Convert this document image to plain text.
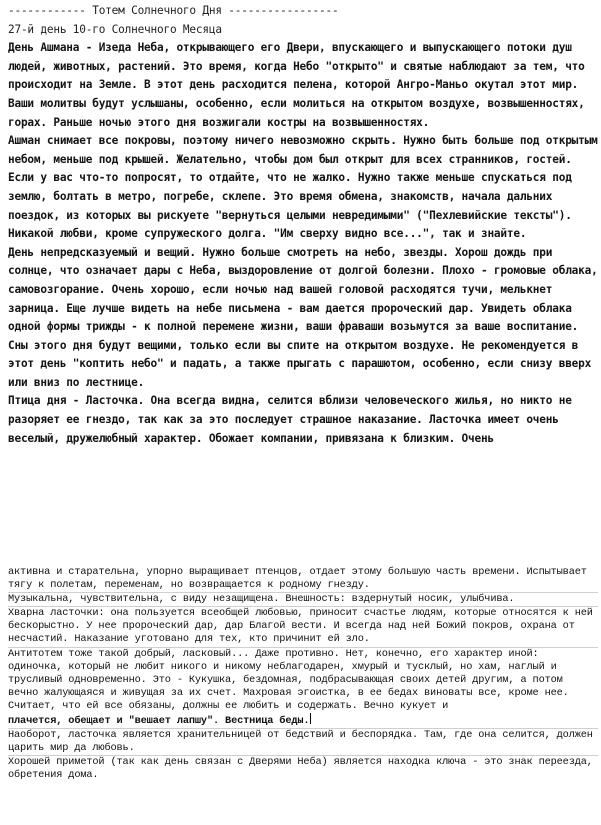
------------ Тотем Солнечного Дня -----------------

27-й день 10-го Солнечного Месяца

День Ашмана - Изеда Неба, открывающего его Двери, впускающего и выпускающего потоки душ людей, животных, растений. Это время, когда Небо "открыто" и святые наблюдают за тем, что происходит на Земле. В этот день расходится пелена, которой Ангро-Маньо окутал этот мир. Ваши молитвы будут услышаны, особенно, если молиться на открытом воздухе, возвышенностях, горах. Раньше ночью этого дня возжигали костры на возвышенностях.

Ашман снимает все покровы, поэтому ничего невозможно скрыть. Нужно быть больше под открытым небом, меньше под крышей. Желательно, чтобы дом был открыт для всех странников, гостей. Если у вас что-то попросят, то отдайте, что не жалко. Нужно также меньше спускаться под землю, болтать в метро, погребе, склепе. Это время обмена, знакомств, начала дальних поездок, из которых вы рискуете "вернуться целыми невредимыми" ("Пехлевийские тексты").

Никакой любви, кроме супружеского долга. "Им сверху видно все...", так и знайте.

День непредсказуемый и вещий. Нужно больше смотреть на небо, звезды. Хорош дождь при солнце, что означает дары с Неба, выздоровление от долгой болезни. Плохо - громовые облака, самовозгорание. Очень хорошо, если ночью над вашей головой расходятся тучи, мелькнет зарница. Еще лучше видеть на небе письмена - вам дается пророческий дар. Увидеть облака одной формы трижды - к полной перемене жизни, ваши фраваши возьмутся за ваше воспитание. Сны этого дня будут вещими, только если вы спите на открытом воздухе. Не рекомендуется в этот день "коптить небо" и падать, а также прыгать с парашютом, особенно, если снизу вверх или вниз по лестнице.

Птица дня - Ласточка. Она всегда видна, селится вблизи человеческого жилья, но никто не разоряет ее гнездо, так как за это последует страшное наказание. Ласточка имеет очень веселый, дружелюбный характер. Обожает компании, привязана к близким. Очень

активна и старательна, упорно выращивает птенцов, отдает этому большую часть времени. Испытывает тягу к полетам, переменам, но возвращается к родному гнезду.

Музыкальна, чувствительна, с виду незащищена. Внешность: вздернутый носик, улыбчива.

Хварна ласточки: она пользуется всеобщей любовью, приносит счастье людям, которые относятся к ней бескорыстно. У нее пророческий дар, дар Благой вести. И всегда над ней Божий покров, охрана от несчастий. Наказание уготовано для тех, кто причинит ей зло.

Антитотем тоже такой добрый, ласковый... Даже противно. Нет, конечно, его характер иной: одиночка, который не любит никого и никому неблагодарен, хмурый и тусклый, но хам, наглый и трусливый одновременно. Это - Кукушка, бездомная, подбрасывающая своих детей другим, а потом вечно жалующаяся и живущая за их счет. Махровая эгоистка, в ее бедах виноваты все, кроме нее. Считает, что ей все обязаны, должны ее любить и содержать. Вечно кукует и

плачется, обещает и "вешает лапшу". Вестница беды.

Наоборот, ласточка является хранительницей от бедствий и беспорядка. Там, где она селится, должен царить мир да любовь.

Хорошей приметой (так как день связан с Дверями Неба) является находка ключа - это знак переезда, обретения дома.
